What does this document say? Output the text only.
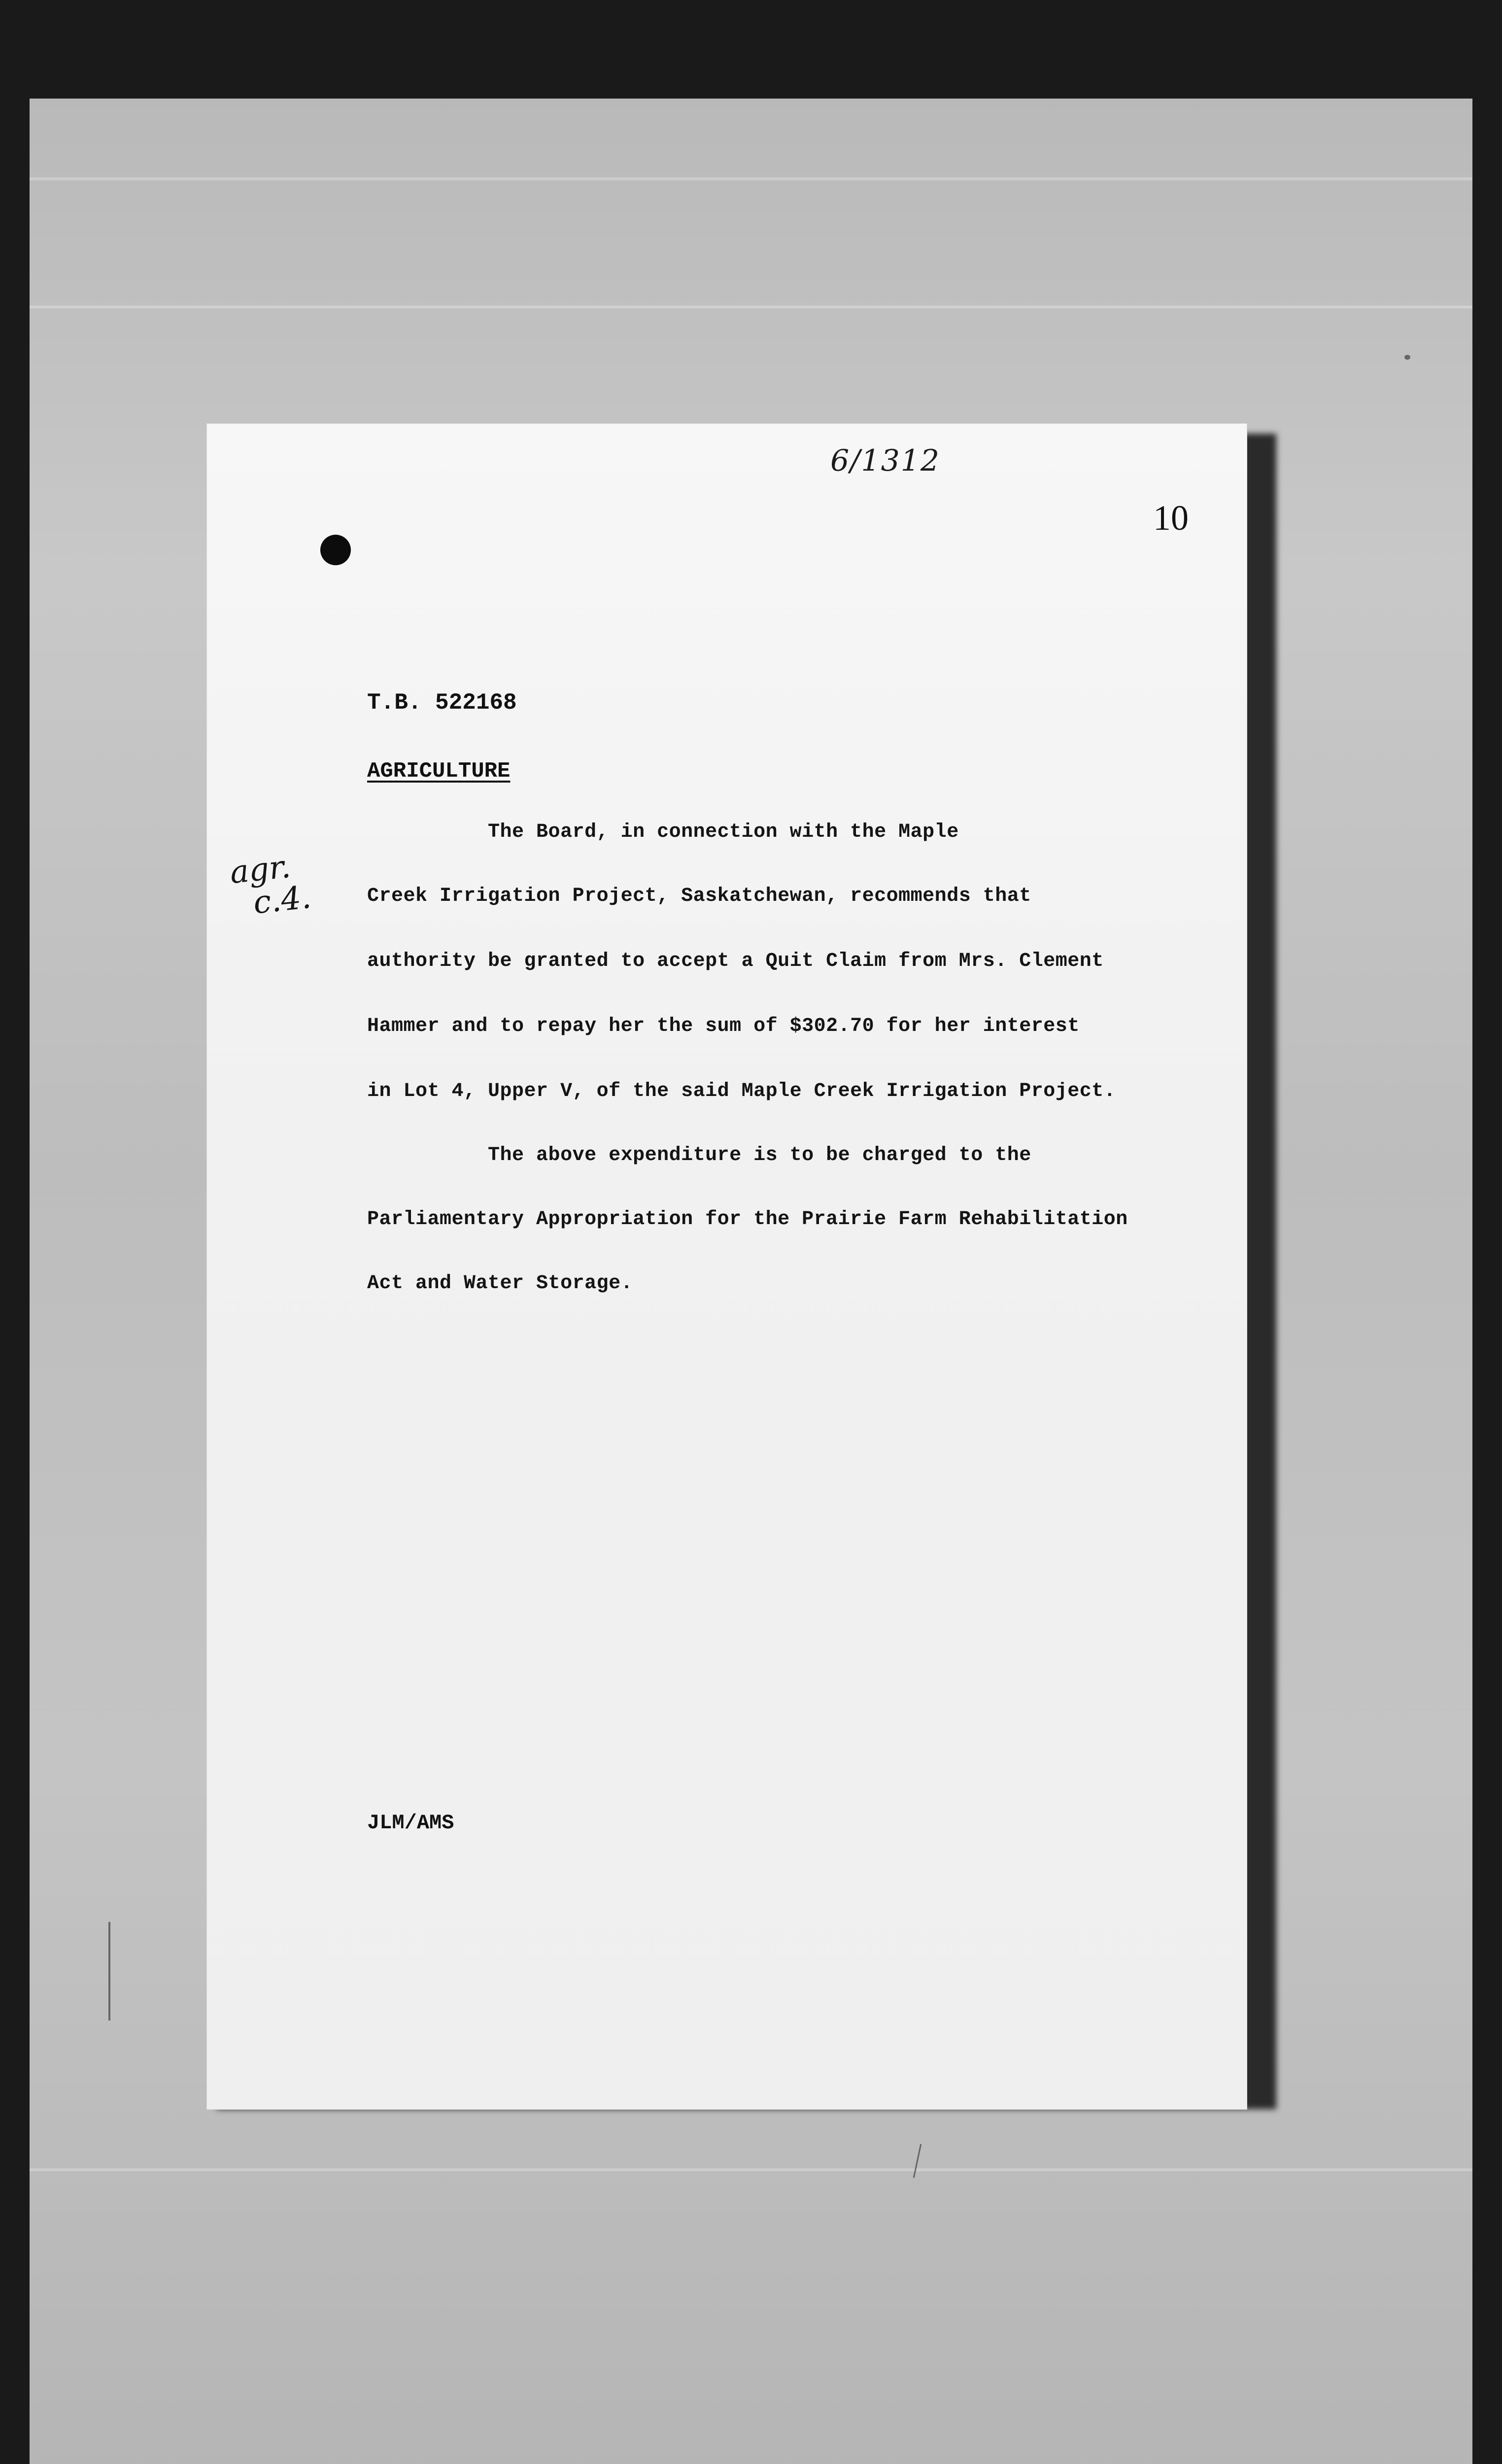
6/1312
10
T.B. 522168
AGRICULTURE
agr.
c.4.
The Board, in connection with the Maple
Creek Irrigation Project, Saskatchewan, recommends that
authority be granted to accept a Quit Claim from Mrs. Clement
Hammer and to repay her the sum of $302.70 for her interest
in Lot 4, Upper V, of the said Maple Creek Irrigation Project.
The above expenditure is to be charged to the
Parliamentary Appropriation for the Prairie Farm Rehabilitation
Act and Water Storage.
JLM/AMS
